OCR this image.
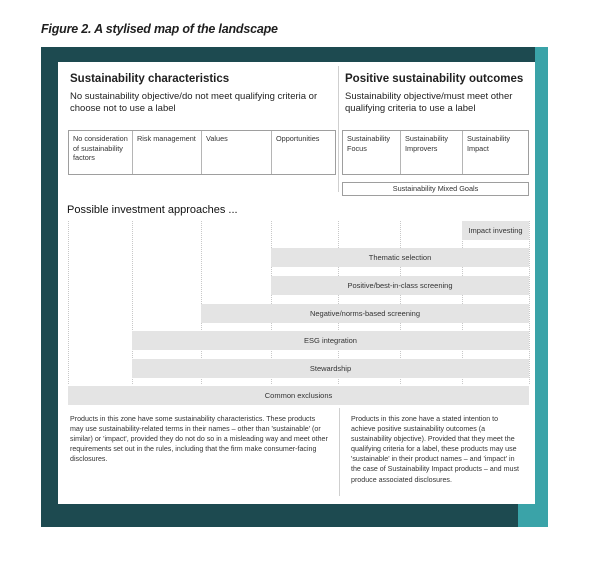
Figure 2. A stylised map of the landscape
Sustainability characteristics
No sustainability objective/do not meet qualifying criteria or choose not to use a label
Positive sustainability outcomes
Sustainability objective/must meet other qualifying criteria to use a label
No consideration of sustainability factors
Risk management Values	Opportunities	Sustainability Focus
Sustainability Improvers
Sustainability Impact
Sustainability Mixed Goals
Possible investment approaches ...
Impact investing
Thematic selection
Positive/best-in-class screening
Negative/norms-based screening
ESG integration
Stewardship
Common exclusions
Products in this zone have some sustainability characteristics. These products may use sustainability-related terms in their names – other than 'sustainable' (or similar) or 'impact', provided they do not do so in a misleading way and meet other requirements set out in the rules, including that the firm make consumer-facing disclosures.
Products in this zone have a stated intention to achieve positive sustainability outcomes (a sustainability objective). Provided that they meet the qualifying criteria for a label, these products may use 'sustainable' in their product names – and 'impact' in the case of Sustainability Impact products – and must produce associated disclosures.
